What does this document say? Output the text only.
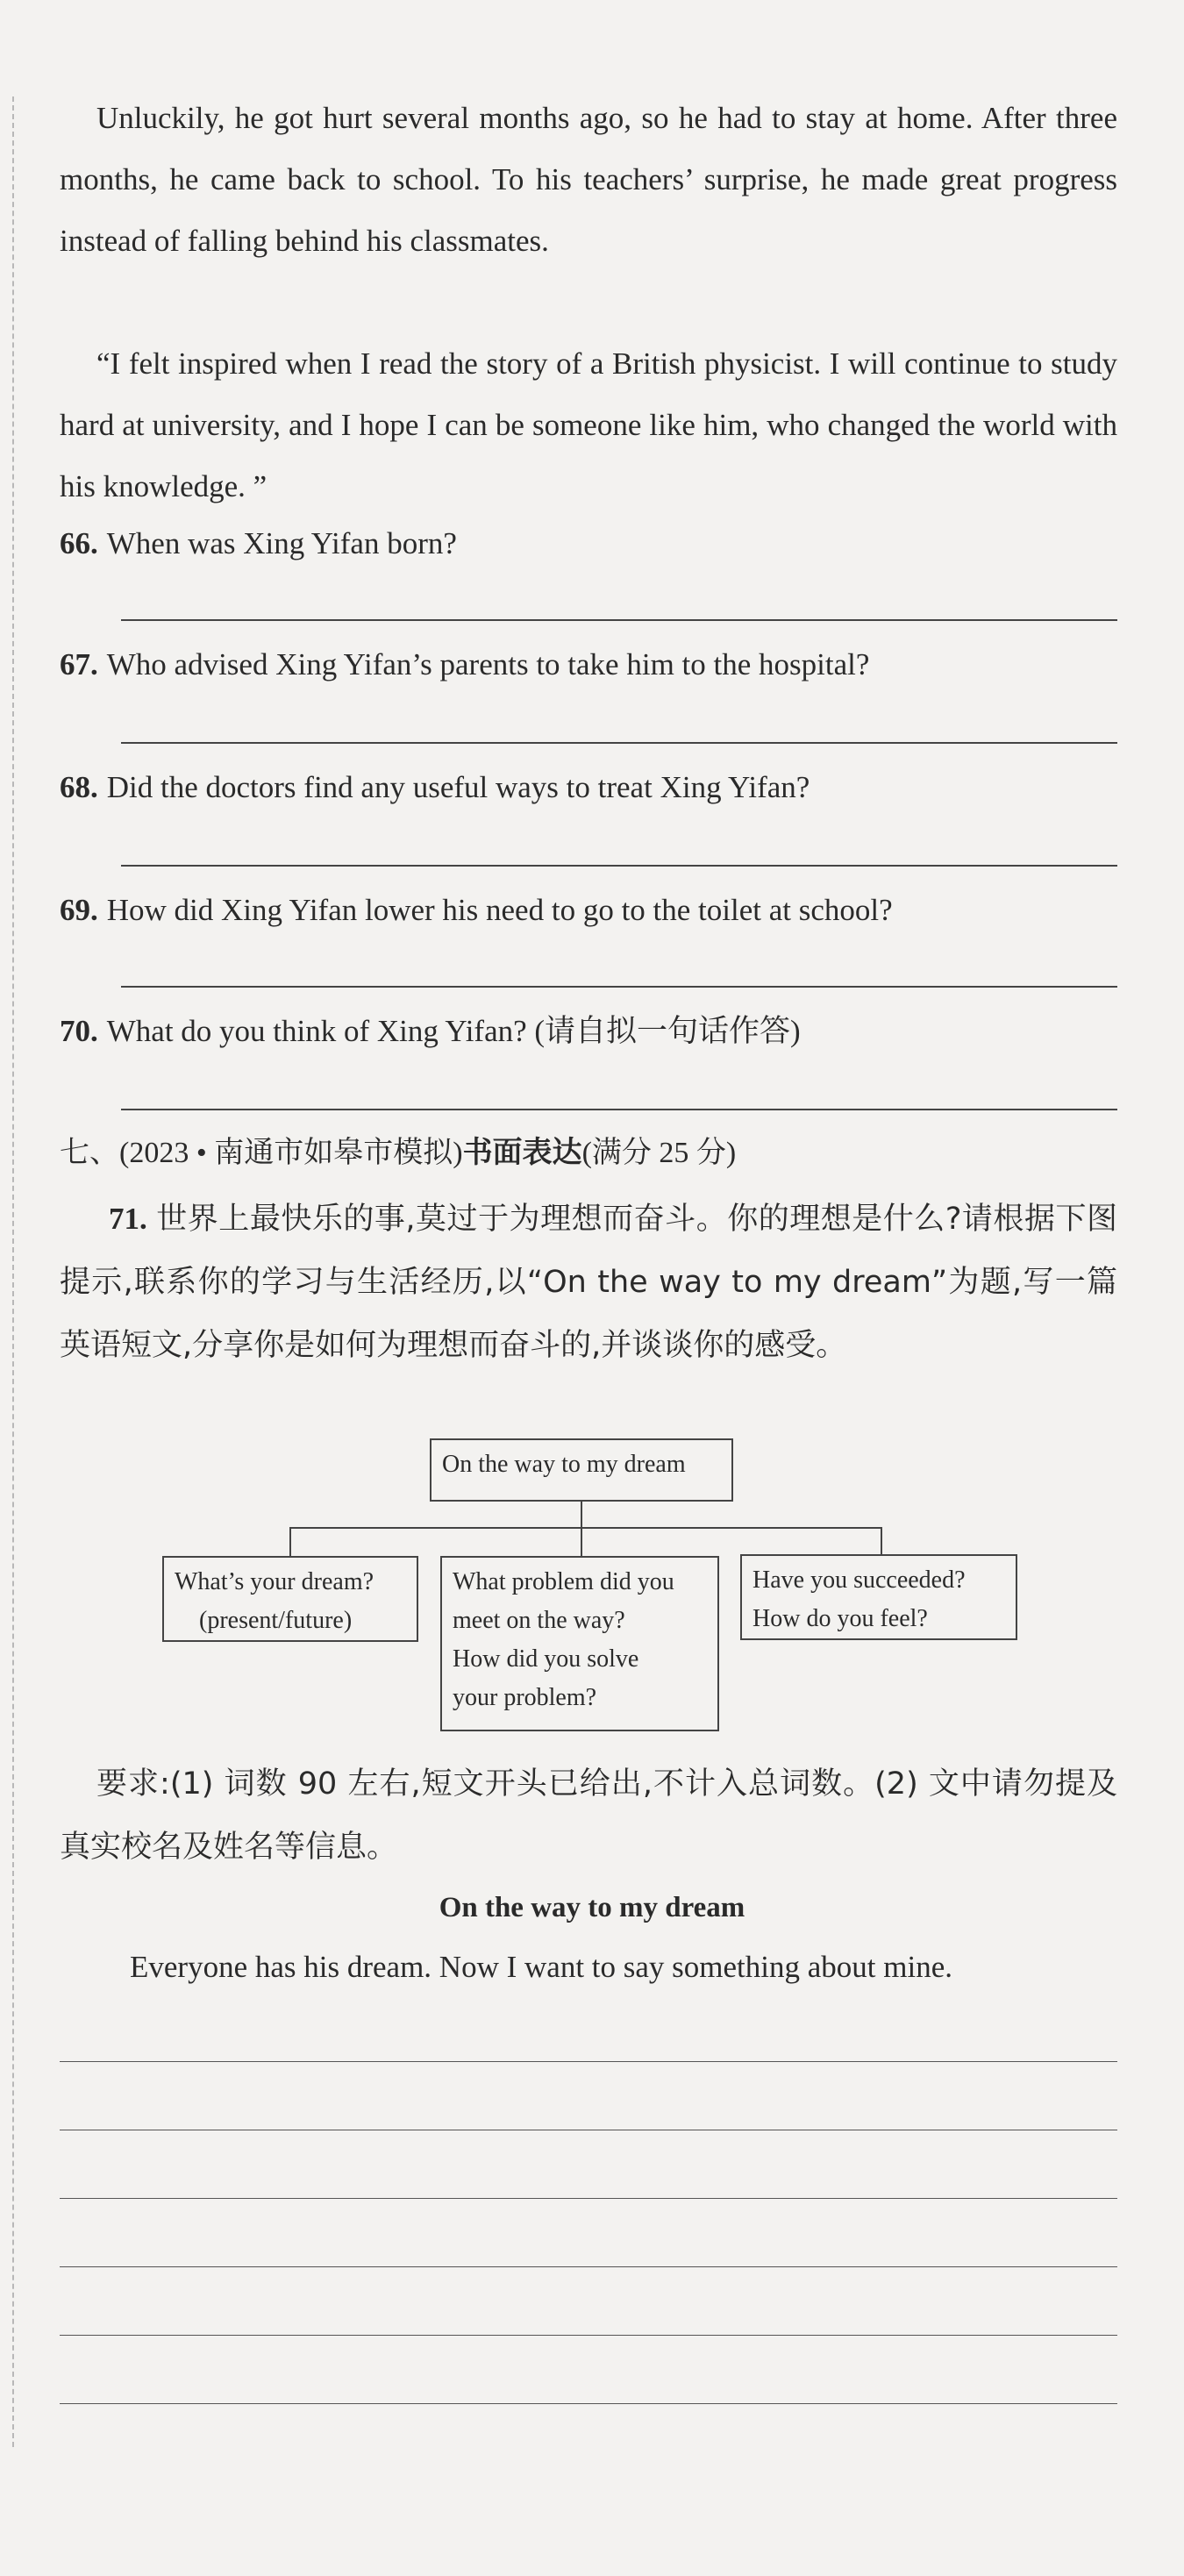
Unluckily, he got hurt several months ago, so he had to stay at home. After three months, he came back to school. To his teachers’ surprise, he made great progress instead of falling behind his classmates.

“I felt inspired when I read the story of a British physicist. I will continue to study hard at university, and I hope I can be someone like him, who changed the world with his knowledge. ”

66. When was Xing Yifan born?
67. Who advised Xing Yifan’s parents to take him to the hospital?
68. Did the doctors find any useful ways to treat Xing Yifan?
69. How did Xing Yifan lower his need to go to the toilet at school?
70. What do you think of Xing Yifan? (请自拟一句话作答)
七、(2023 • 南通市如皋市模拟)书面表达(满分 25 分)

71. 世界上最快乐的事,莫过于为理想而奋斗。你的理想是什么?请根据下图提示,联系你的学习与生活经历,以“On the way to my dream”为题,写一篇英语短文,分享你是如何为理想而奋斗的,并谈谈你的感受。

On the way to my dream
What’s your dream?
(present/future)
What problem did you
meet on the way?
How did you solve
your problem?
Have you succeeded?
How do you feel?

要求:(1) 词数 90 左右,短文开头已给出,不计入总词数。(2) 文中请勿提及真实校名及姓名等信息。

On the way to my dream
Everyone has his dream. Now I want to say something about mine.
